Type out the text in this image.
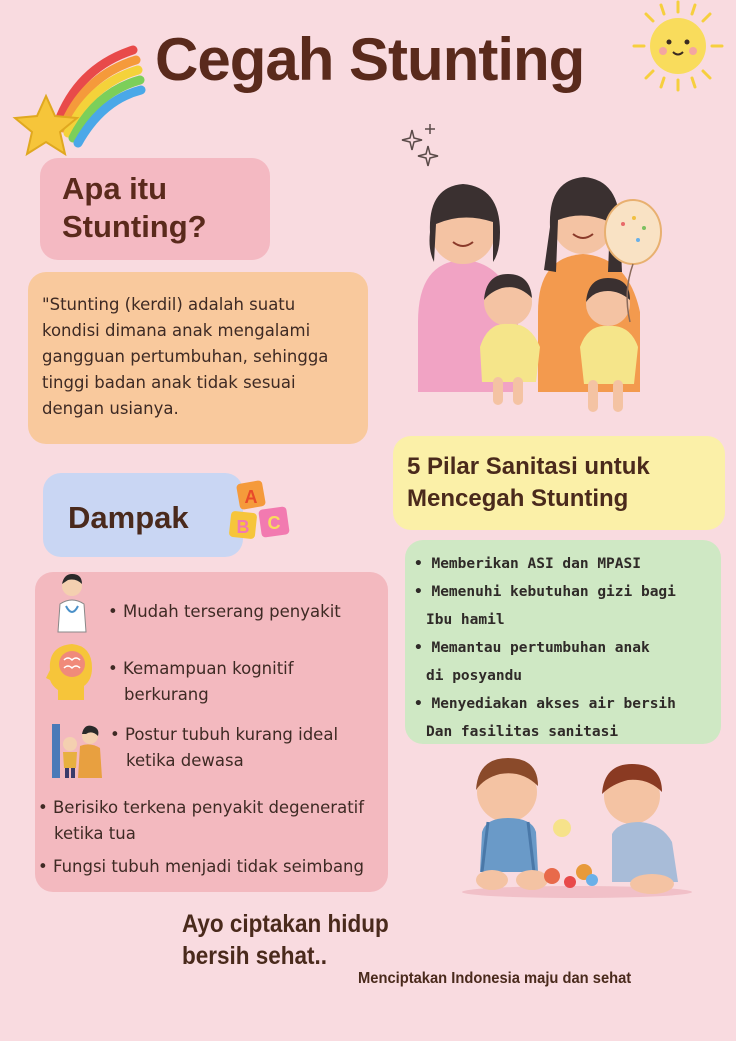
Cegah Stunting
Apa itu Stunting?
"Stunting (kerdil) adalah suatu
kondisi dimana anak mengalami
gangguan pertumbuhan, sehingga
tinggi badan anak tidak sesuai
dengan usianya.
Dampak
A
B C
• Mudah terserang penyakit
• Kemampuan kognitif
berkurang
• Postur tubuh kurang ideal
ketika dewasa
• Berisiko terkena penyakit degeneratif
ketika tua
• Fungsi tubuh menjadi tidak seimbang
5 Pilar Sanitasi untuk
Mencegah Stunting
• Memberikan ASI dan MPASI
• Memenuhi kebutuhan gizi bagi
Ibu hamil
• Memantau pertumbuhan anak
di posyandu
• Menyediakan akses air bersih
Dan fasilitas sanitasi
Ayo ciptakan hidup
bersih sehat..
Menciptakan Indonesia maju dan sehat
